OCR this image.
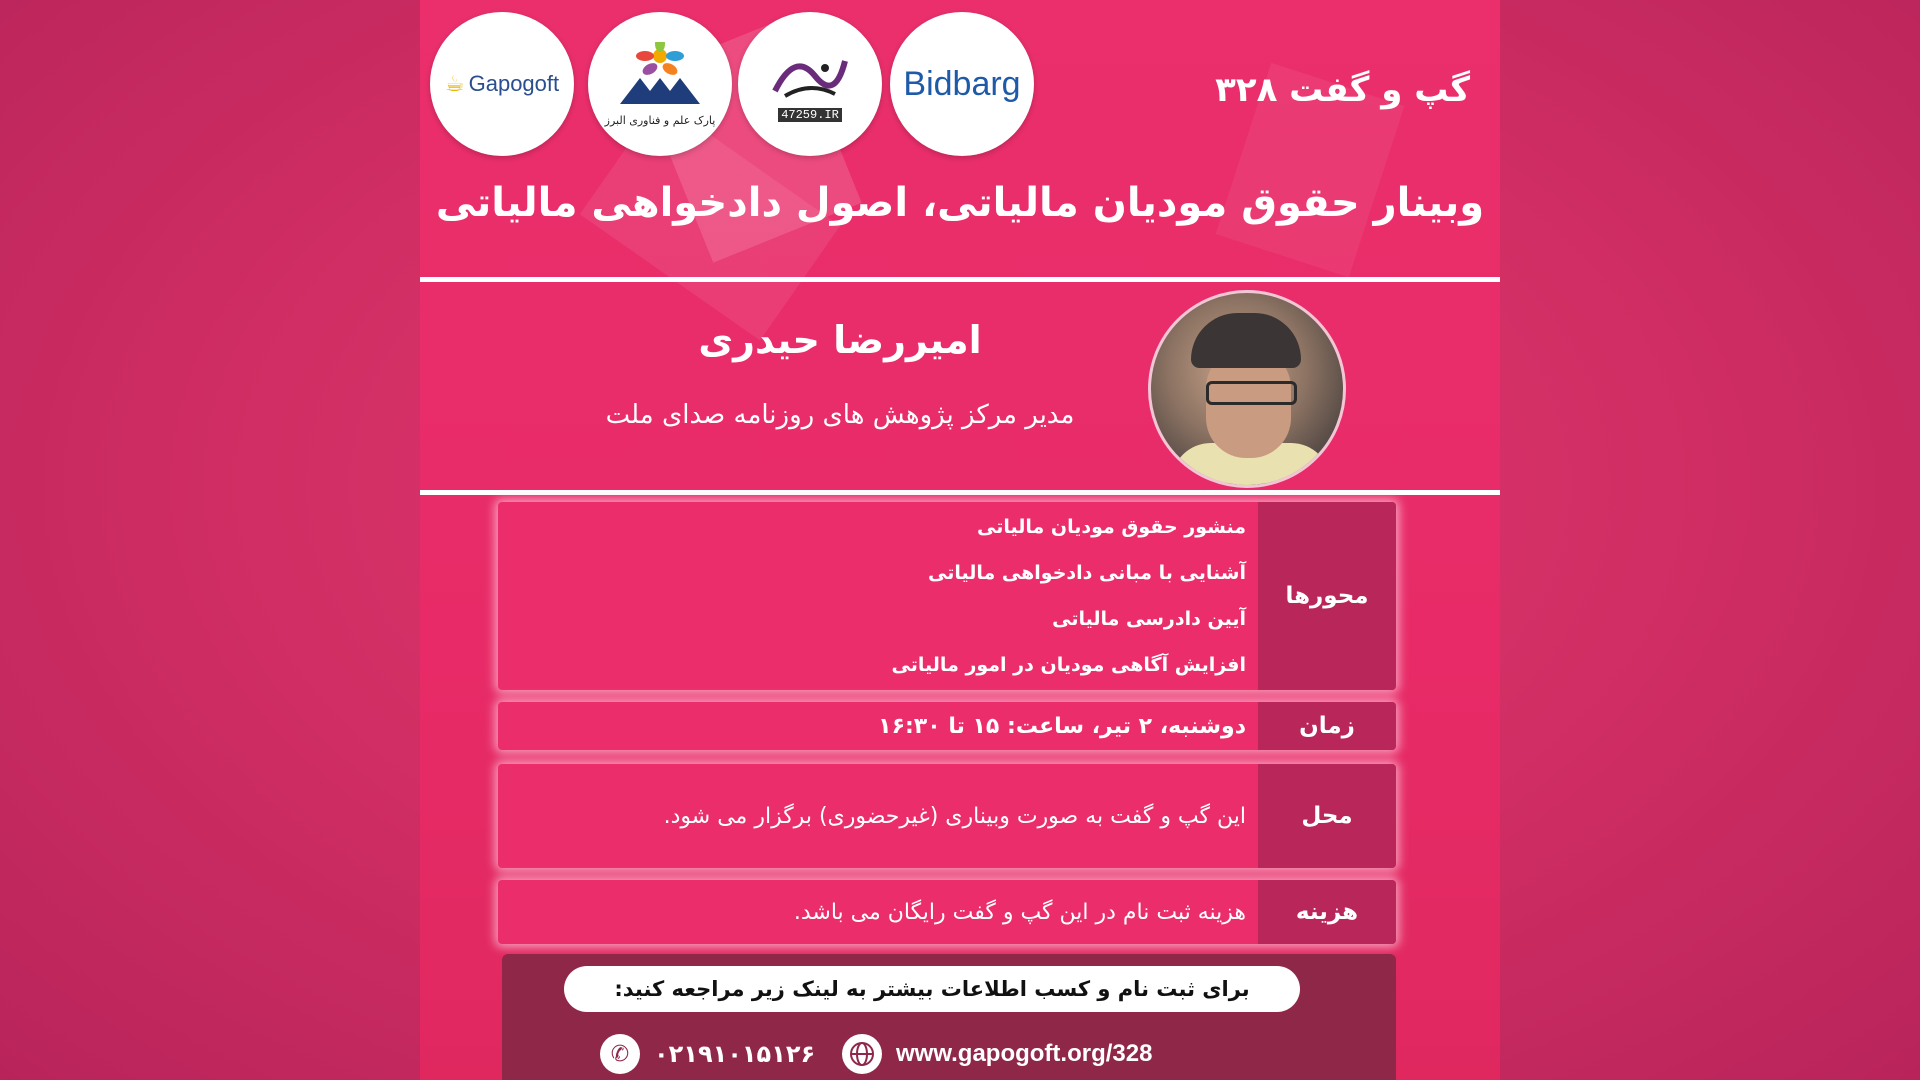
☕ Gapogoft
پارک علم و فناوری البرز	47259.IR
Bidbarg	گپ و گفت ۳۲۸
وبینار حقوق مودیان مالیاتی، اصول دادخواهی مالیاتی
امیررضا حیدری
مدیر مرکز پژوهش های روزنامه صدای ملت
محورها
منشور حقوق مودیان مالیاتی
آشنایی با مبانی دادخواهی مالیاتی
آیین دادرسی مالیاتی
افزایش آگاهی مودیان در امور مالیاتی
زمان
دوشنبه، ۲ تیر، ساعت: ۱۵ تا ۱۶:۳۰
محل
این گپ و گفت به صورت وبیناری (غیرحضوری) برگزار می شود.
هزینه
هزینه ثبت نام در این گپ و گفت رایگان می باشد.
برای ثبت نام و کسب اطلاعات بیشتر به لینک زیر مراجعه کنید:
www.gapogoft.org/328
✆	۰۲۱۹۱۰۱۵۱۲۶
